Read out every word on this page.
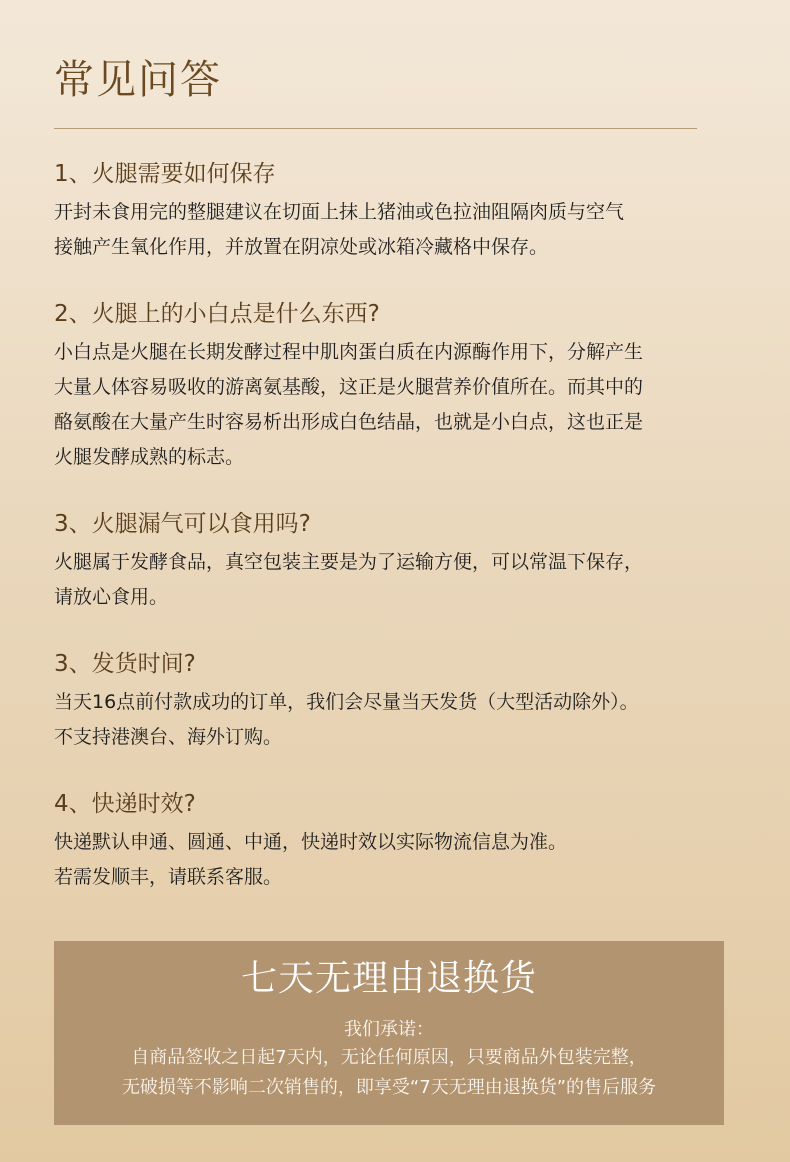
常见问答
1、火腿需要如何保存
开封未食用完的整腿建议在切面上抹上猪油或色拉油阻隔肉质与空气
接触产生氧化作用，并放置在阴凉处或冰箱冷藏格中保存。
2、火腿上的小白点是什么东西?
小白点是火腿在长期发酵过程中肌肉蛋白质在内源酶作用下，分解产生
大量人体容易吸收的游离氨基酸，这正是火腿营养价值所在。而其中的
酪氨酸在大量产生时容易析出形成白色结晶，也就是小白点，这也正是
火腿发酵成熟的标志。
3、火腿漏气可以食用吗?
火腿属于发酵食品，真空包装主要是为了运输方便，可以常温下保存，
请放心食用。
3、发货时间?
当天16点前付款成功的订单，我们会尽量当天发货（大型活动除外）。
不支持港澳台、海外订购。
4、快递时效?
快递默认申通、圆通、中通，快递时效以实际物流信息为准。
若需发顺丰，请联系客服。
七天无理由退换货
我们承诺：
自商品签收之日起7天内，无论任何原因，只要商品外包装完整，
无破损等不影响二次销售的，即享受“7天无理由退换货”的售后服务
